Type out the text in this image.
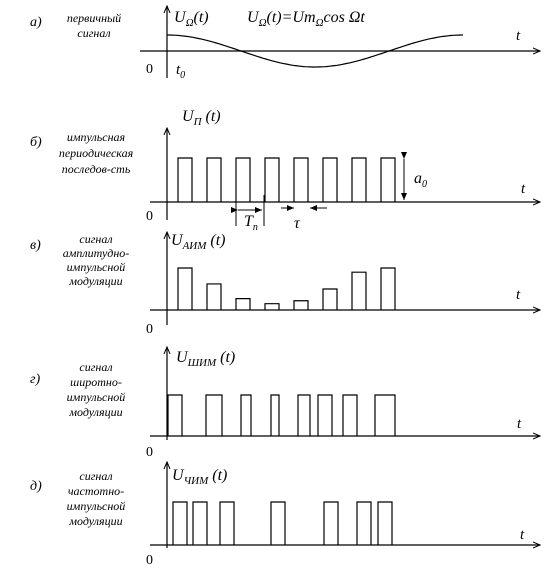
а) первичный
сигнал
$U_\Omega(t)$ $U_\Omega(t)=Um_\Omega\cos$ Ωt
0 $t_0$
t
б) импульсная
периодическая
последов-сть
$U_П$ (t)
0
t
$T_п$ τ
$a_0$
в)	сигнал
амплитудно-
импульсной
модуляции
$U_{АИМ}$ (t)
0
t
г)
сигнал
широтно-
импульсной
модуляции
$U_{ШИМ}$ (t)
0
t
д)
сигнал
частотно-
импульсной
модуляции
$U_{ЧИМ}$ (t)
0
t
